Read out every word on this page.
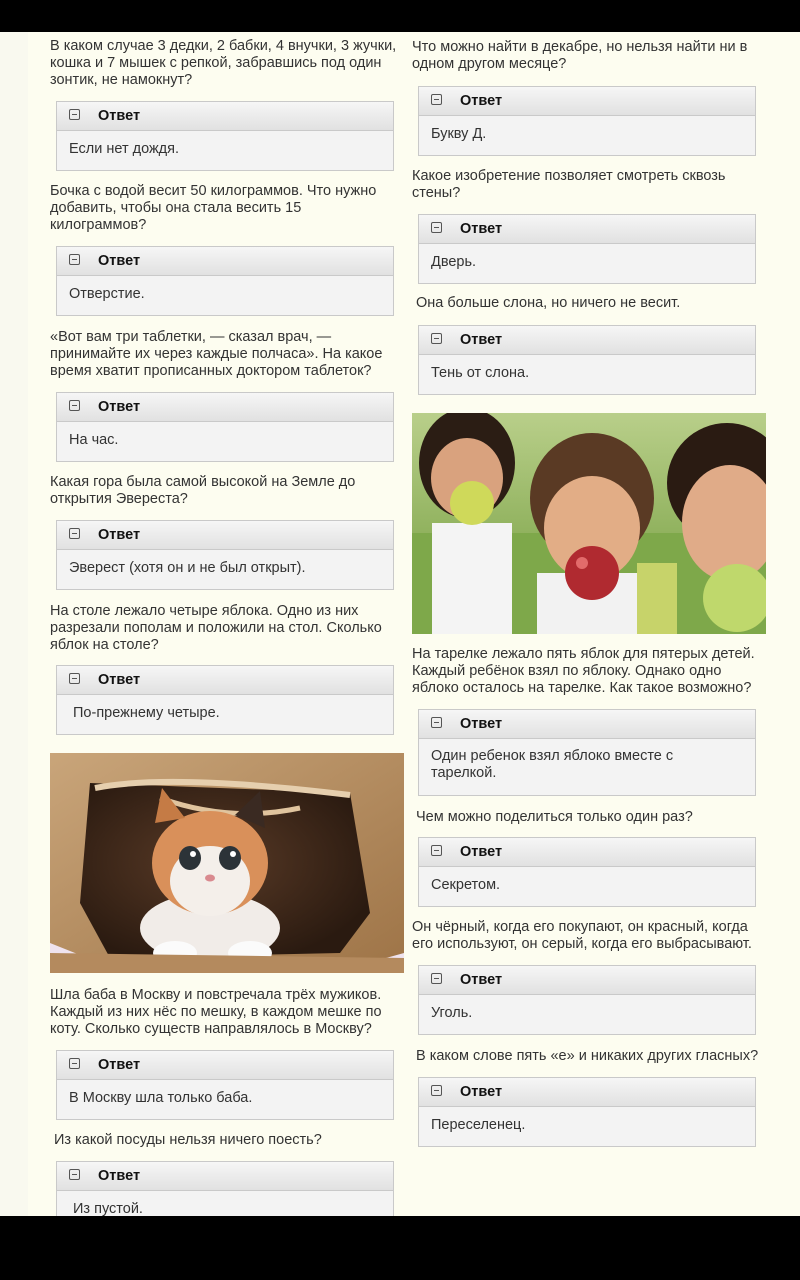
В каком случае 3 дедки, 2 бабки, 4 внучки, 3 жучки, кошка и 7 мышек с репкой, забравшись под один зонтик, не намокнут?
Ответ
Если нет дождя.
Бочка с водой весит 50 килограммов. Что нужно добавить, чтобы она стала весить 15 килограммов?
Ответ
Отверстие.
«Вот вам три таблетки, — сказал врач, — принимайте их через каждые полчаса». На какое время хватит прописанных доктором таблеток?
Ответ
На час.
Какая гора была самой высокой на Земле до открытия Эвереста?
Ответ
Эверест (хотя он и не был открыт).
На столе лежало четыре яблока. Одно из них разрезали пополам и положили на стол. Сколько яблок на столе?
Ответ
По-прежнему четыре.
Шла баба в Москву и повстречала трёх мужиков. Каждый из них нёс по мешку, в каждом мешке по коту. Сколько существ направлялось в Москву?
Ответ
В Москву шла только баба.
Из какой посуды нельзя ничего поесть?
Ответ
Из пустой.
Что можно найти в декабре, но нельзя найти ни в одном другом месяце?
Ответ
Букву Д.
Какое изобретение позволяет смотреть сквозь стены?
Ответ
Дверь.
Она больше слона, но ничего не весит.
Ответ
Тень от слона.
На тарелке лежало пять яблок для пятерых детей. Каждый ребёнок взял по яблоку. Однако одно яблоко осталось на тарелке. Как такое возможно?
Ответ
Один ребенок взял яблоко вместе с тарелкой.
Чем можно поделиться только один раз?
Ответ
Секретом.
Он чёрный, когда его покупают, он красный, когда его используют, он серый, когда его выбрасывают.
Ответ
Уголь.
В каком слове пять «е» и никаких других гласных?
Ответ
Переселенец.
